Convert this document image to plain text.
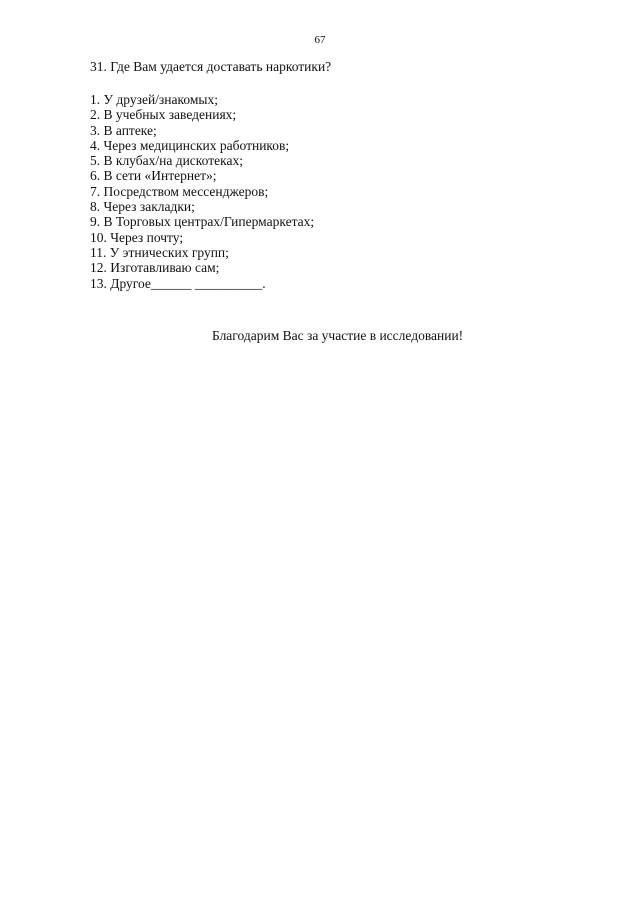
67
31. Где Вам удается доставать наркотики?
1. У друзей/знакомых;
2. В учебных заведениях;
3. В аптеке;
4. Через медицинских работников;
5. В клубах/на дискотеках;
6. В сети «Интернет»;
7. Посредством мессенджеров;
8. Через закладки;
9. В Торговых центрах/Гипермаркетах;
10. Через почту;
11. У этнических групп;
12. Изготавливаю сам;
13. Другое______ __________.
Благодарим Вас за участие в исследовании!
